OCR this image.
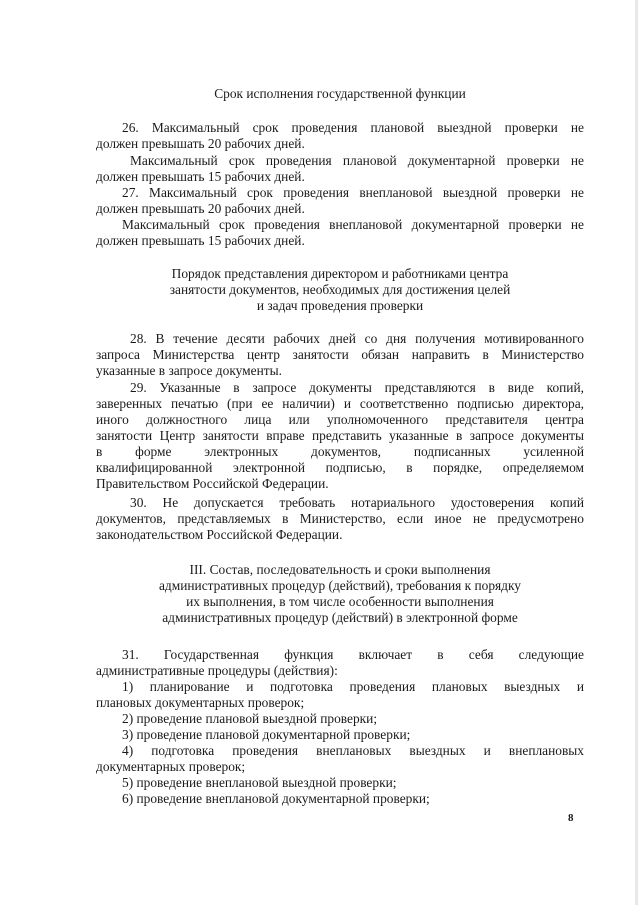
Срок исполнения государственной функции
26. Максимальный срок проведения плановой выездной проверки не
должен превышать 20 рабочих дней.
Максимальный срок проведения плановой документарной проверки не
должен превышать 15 рабочих дней.
27. Максимальный срок проведения внеплановой выездной проверки не
должен превышать 20 рабочих дней.
Максимальный срок проведения внеплановой документарной проверки не
должен превышать 15 рабочих дней.
Порядок представления директором и работниками центра
занятости документов, необходимых для достижения целей
и задач проведения проверки
28. В течение десяти рабочих дней со дня получения мотивированного
запроса Министерства центр занятости обязан направить в Министерство
указанные в запросе документы.
29. Указанные в запросе документы представляются в виде копий,
заверенных печатью (при ее наличии) и соответственно подписью директора,
иного должностного лица или уполномоченного представителя центра
занятости Центр занятости вправе представить указанные в запросе документы
в форме электронных документов, подписанных усиленной
квалифицированной электронной подписью, в порядке, определяемом
Правительством Российской Федерации.
30. Не допускается требовать нотариального удостоверения копий
документов, представляемых в Министерство, если иное не предусмотрено
законодательством Российской Федерации.
III. Состав, последовательность и сроки выполнения
административных процедур (действий), требования к порядку
их выполнения, в том числе особенности выполнения
административных процедур (действий) в электронной форме
31. Государственная функция включает в себя следующие
административные процедуры (действия):
1) планирование и подготовка проведения плановых выездных и
плановых документарных проверок;
2) проведение плановой выездной проверки;
3) проведение плановой документарной проверки;
4) подготовка проведения внеплановых выездных и внеплановых
документарных проверок;
5) проведение внеплановой выездной проверки;
6) проведение внеплановой документарной проверки;
8
